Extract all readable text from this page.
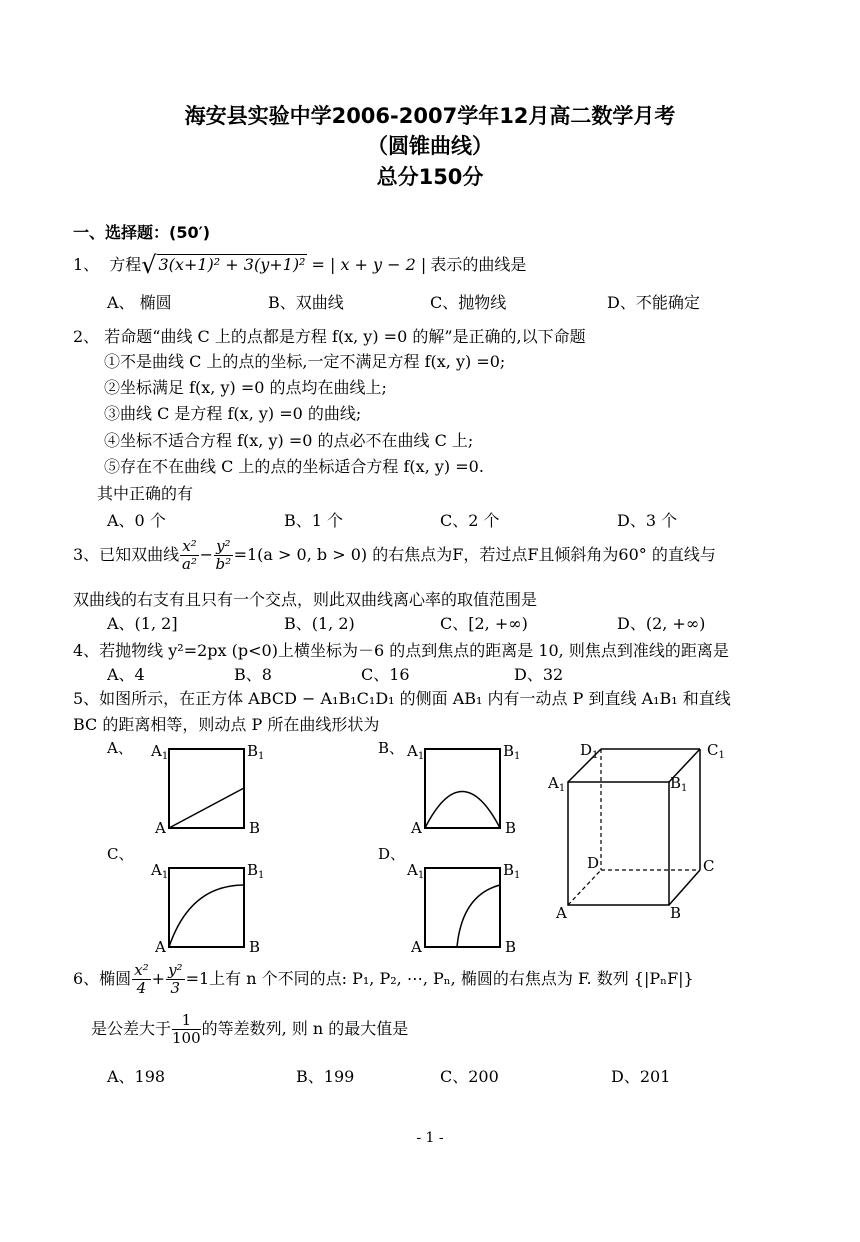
海安县实验中学2006-2007学年12月高二数学月考
（圆锥曲线）
总分150分
一、选择题：(50′)
1、 方程√ 3(x+1)² + 3(y+1)² = | x + y − 2 | 表示的曲线是
A、 椭圆	B、双曲线	C、抛物线	D、不能确定
2、 若命题“曲线 C 上的点都是方程 f(x, y) =0 的解”是正确的,以下命题
①不是曲线 C 上的点的坐标,一定不满足方程 f(x, y) =0;
②坐标满足 f(x, y) =0 的点均在曲线上;
③曲线 C 是方程 f(x, y) =0 的曲线;
④坐标不适合方程 f(x, y) =0 的点必不在曲线 C 上;
⑤存在不在曲线 C 上的点的坐标适合方程 f(x, y) =0.
其中正确的有
A、0 个	B、1 个	C、2 个	D、3 个
3、已知双曲线 $\frac{\text{x²}}{\text{a²}} - \frac{\text{y²}}{\text{b²}} =1(a > 0$, b > 0) 的右焦点为F，若过点F且倾斜角为60° 的直线与
双曲线的右支有且只有一个交点，则此双曲线离心率的取值范围是
A、(1, 2]	B、(1, 2)	C、[2, +∞)	D、(2, +∞)
4、若抛物线 y²=2px (p<0)上横坐标为－6 的点到焦点的距离是 10, 则焦点到准线的距离是
A、4	B、8	C、16	D、32
5、如图所示，在正方体 ABCD − A₁B₁C₁D₁ 的侧面 AB₁ 内有一动点 P 到直线 A₁B₁ 和直线
BC 的距离相等，则动点 P 所在曲线形状为
A、	B、
C、	D、
$A_1$	$B_1$
A	B
$A_1$	$B_1$
A	B
$A_1$	$B_1$
A	B
$A_1$	$B_1$
A	B
$D_1$	$C_1$
$A_1$	$B_1$
D	C
A	B
6、椭圆 $\frac{\text{x²}}{4} + \frac{\text{y²}}{3} =1$上有 n 个不同的点: P₁, P₂, ⋯, Pₙ, 椭圆的右焦点为 F. 数列 {|PₙF|}
是公差大于 $\frac{1}{100}$ 的等差数列, 则 n 的最大值是
A、198	B、199	C、200	D、201
- 1 -
